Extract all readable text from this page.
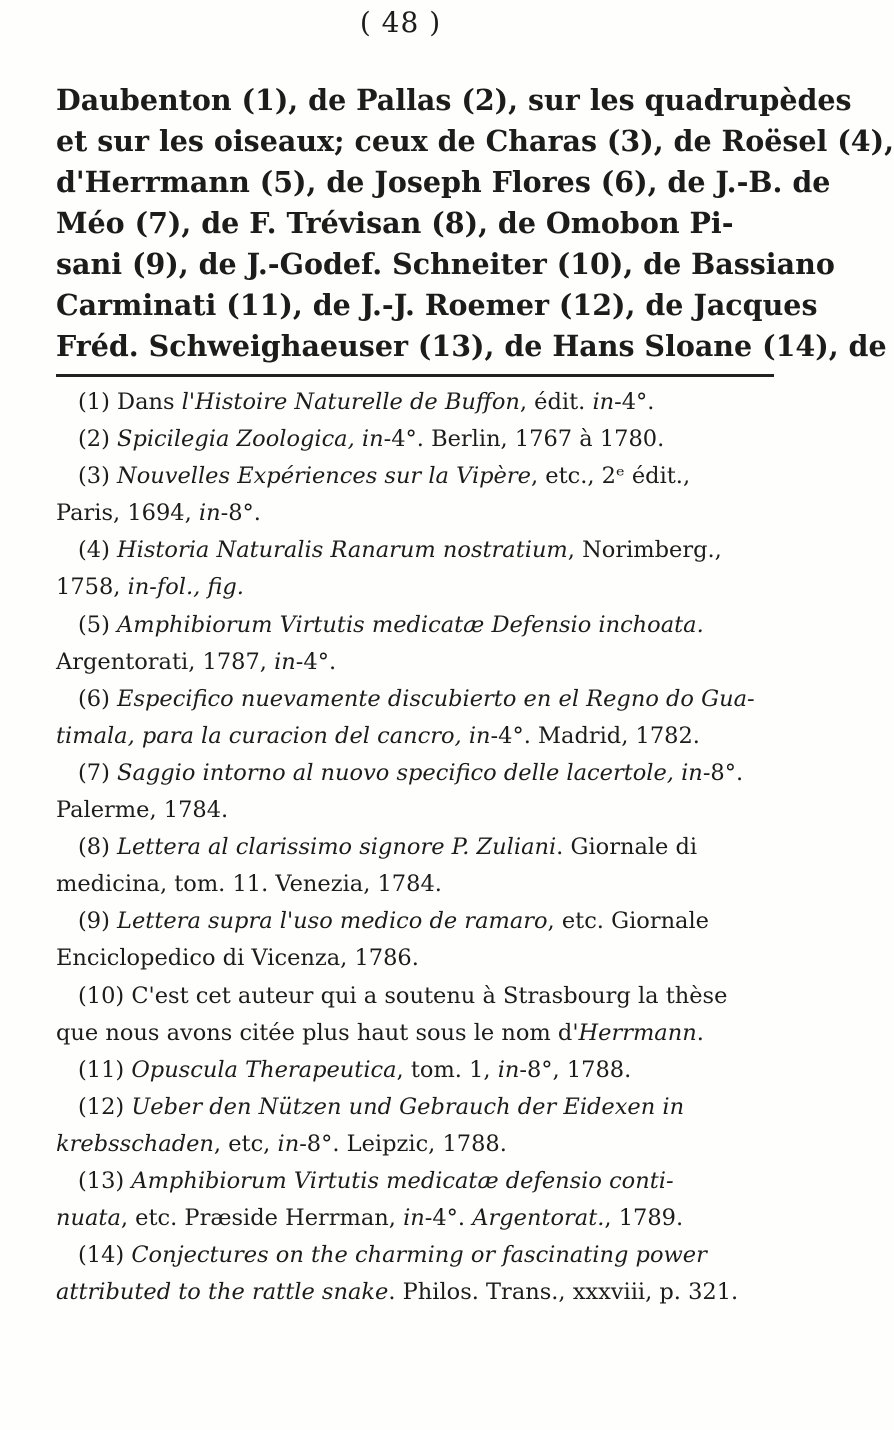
( 48 )
Daubenton (1), de Pallas (2), sur les quadrupèdes
et sur les oiseaux; ceux de Charas (3), de Roësel (4),
d'Herrmann (5), de Joseph Flores (6), de J.-B. de
Méo (7), de F. Trévisan (8), de Omobon Pi-
sani (9), de J.-Godef. Schneiter (10), de Bassiano
Carminati (11), de J.-J. Roemer (12), de Jacques
Fréd. Schweighaeuser (13), de Hans Sloane (14), de
(1) Dans l'Histoire Naturelle de Buffon, édit. in-4°.
(2) Spicilegia Zoologica, in-4°. Berlin, 1767 à 1780.
(3) Nouvelles Expériences sur la Vipère, etc., 2ᵉ édit.,
Paris, 1694, in-8°.
(4) Historia Naturalis Ranarum nostratium, Norimberg.,
1758, in-fol., fig.
(5) Amphibiorum Virtutis medicatæ Defensio inchoata.
Argentorati, 1787, in-4°.
(6) Especifico nuevamente discubierto en el Regno do Gua-
timala, para la curacion del cancro, in-4°. Madrid, 1782.
(7) Saggio intorno al nuovo specifico delle lacertole, in-8°.
Palerme, 1784.
(8) Lettera al clarissimo signore P. Zuliani. Giornale di
medicina, tom. 11. Venezia, 1784.
(9) Lettera supra l'uso medico de ramaro, etc. Giornale
Enciclopedico di Vicenza, 1786.
(10) C'est cet auteur qui a soutenu à Strasbourg la thèse
que nous avons citée plus haut sous le nom d'Herrmann.
(11) Opuscula Therapeutica, tom. 1, in-8°, 1788.
(12) Ueber den Nützen und Gebrauch der Eidexen in
krebsschaden, etc, in-8°. Leipzic, 1788.
(13) Amphibiorum Virtutis medicatæ defensio conti-
nuata, etc. Præside Herrman, in-4°. Argentorat., 1789.
(14) Conjectures on the charming or fascinating power
attributed to the rattle snake. Philos. Trans., xxxviii, p. 321.
